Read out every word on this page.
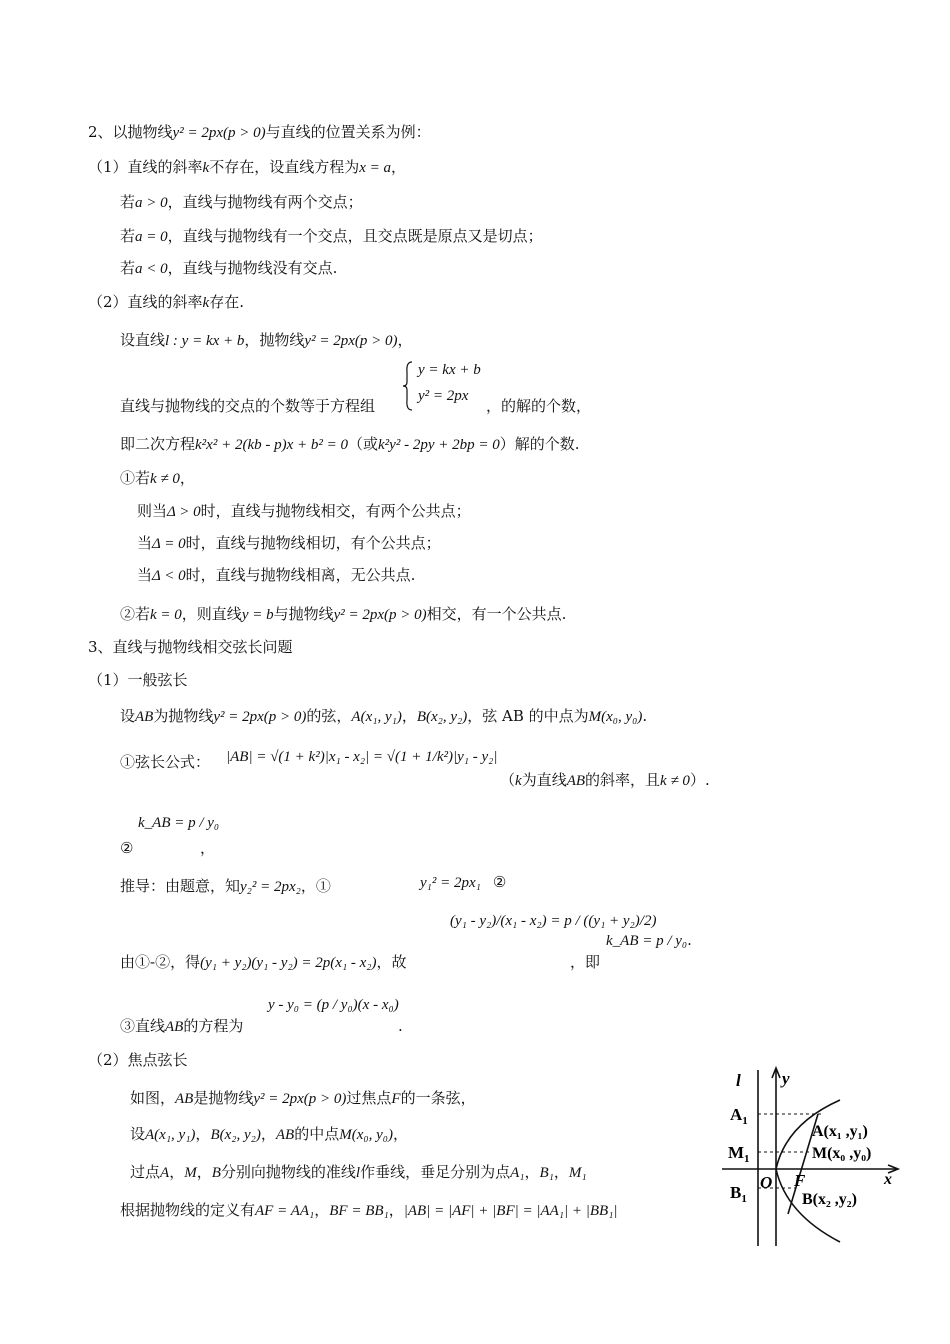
2、以抛物线y² = 2px(p > 0)与直线的位置关系为例：
（1）直线的斜率k不存在，设直线方程为x = a，
若a > 0，直线与抛物线有两个交点；
若a = 0，直线与抛物线有一个交点，且交点既是原点又是切点；
若a < 0，直线与抛物线没有交点.
（2）直线的斜率k存在.
设直线l : y = kx + b，抛物线y² = 2px(p > 0)，
y = kx + b
y² = 2px
直线与抛物线的交点的个数等于方程组	，的解的个数，
即二次方程k²x² + 2(kb - p)x + b² = 0（或k²y² - 2py + 2bp = 0）解的个数.
①若k ≠ 0，
则当Δ > 0时，直线与抛物线相交，有两个公共点；
当Δ = 0时，直线与抛物线相切，有个公共点；
当Δ < 0时，直线与抛物线相离，无公共点.
②若k = 0，则直线y = b与抛物线y² = 2px(p > 0)相交，有一个公共点.
3、直线与抛物线相交弦长问题
（1）一般弦长
设AB为抛物线y² = 2px(p > 0)的弦，A(x₁, y₁)，B(x₂, y₂)，弦 AB 的中点为M(x₀, y₀).
①弦长公式： |AB| = √(1 + k²)|x₁ - x₂| = √(1 + 1/k²)|y₁ - y₂|
（k为直线AB的斜率，且k ≠ 0）.
k_AB = p / y₀
②	，
推导：由题意，知y₂² = 2px₂，①	y₁² = 2px₁ ②
(y₁ - y₂)/(x₁ - x₂) = p / ((y₁ + y₂)/2)
由①-②，得(y₁ + y₂)(y₁ - y₂) = 2p(x₁ - x₂)，故	，即
k_AB = p / y₀.
y - y₀ = (p / y₀)(x - x₀)
③直线AB的方程为	.
（2）焦点弦长
如图，AB是抛物线y² = 2px(p > 0)过焦点F的一条弦，
设A(x₁, y₁)，B(x₂, y₂)，AB的中点M(x₀, y₀)，
过点A，M，B分别向抛物线的准线l作垂线，垂足分别为点A₁，B₁，M₁
根据抛物线的定义有AF = AA₁，BF = BB₁，|AB| = |AF| + |BF| = |AA₁| + |BB₁|
l y
x
O F
$A_1$
$M_1$
$B_1$
A(x₁ ,y₁)
M(x₀ ,y₀)
B(x₂ ,y₂)
